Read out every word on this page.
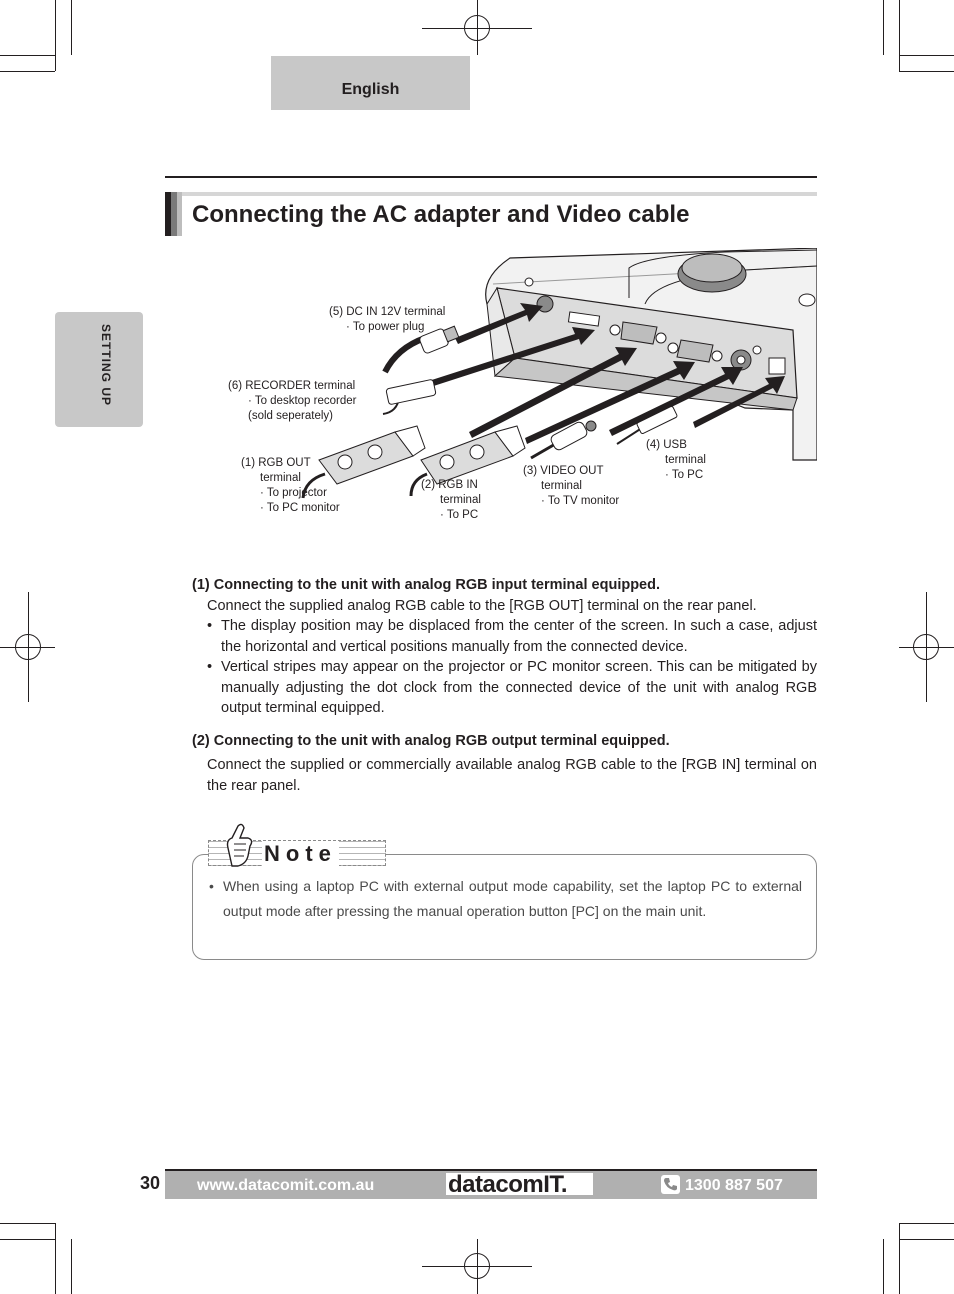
English
SETTING UP
Connecting the AC adapter and Video cable
(5) DC IN 12V terminal
· To power plug
(6) RECORDER terminal
· To desktop recorder
(sold seperately)
(1) RGB OUT
terminal
· To projector
· To PC monitor
(2) RGB IN
terminal
· To PC
(3) VIDEO OUT
terminal
· To TV monitor
(4) USB
terminal
· To PC
(1) Connecting to the unit with analog RGB input terminal equipped.
Connect the supplied analog RGB cable to the [RGB OUT] terminal on the rear panel.
• The display position may be displaced from the center of the screen. In such a case, adjust the horizontal and vertical positions manually from the connected device.
• Vertical stripes may appear on the projector or PC monitor screen. This can be mitigated by manually adjusting the dot clock from the connected device of the unit with analog RGB output terminal equipped.
(2) Connecting to the unit with analog RGB output terminal equipped.
Connect the supplied or commercially available analog RGB cable to the [RGB IN] terminal on the rear panel.
Note
• When using a laptop PC with external output mode capability, set the laptop PC to external output mode after pressing the manual operation button [PC] on the main unit.
30 www.datacomit.com.au	datacomIT.	1300 887 507
